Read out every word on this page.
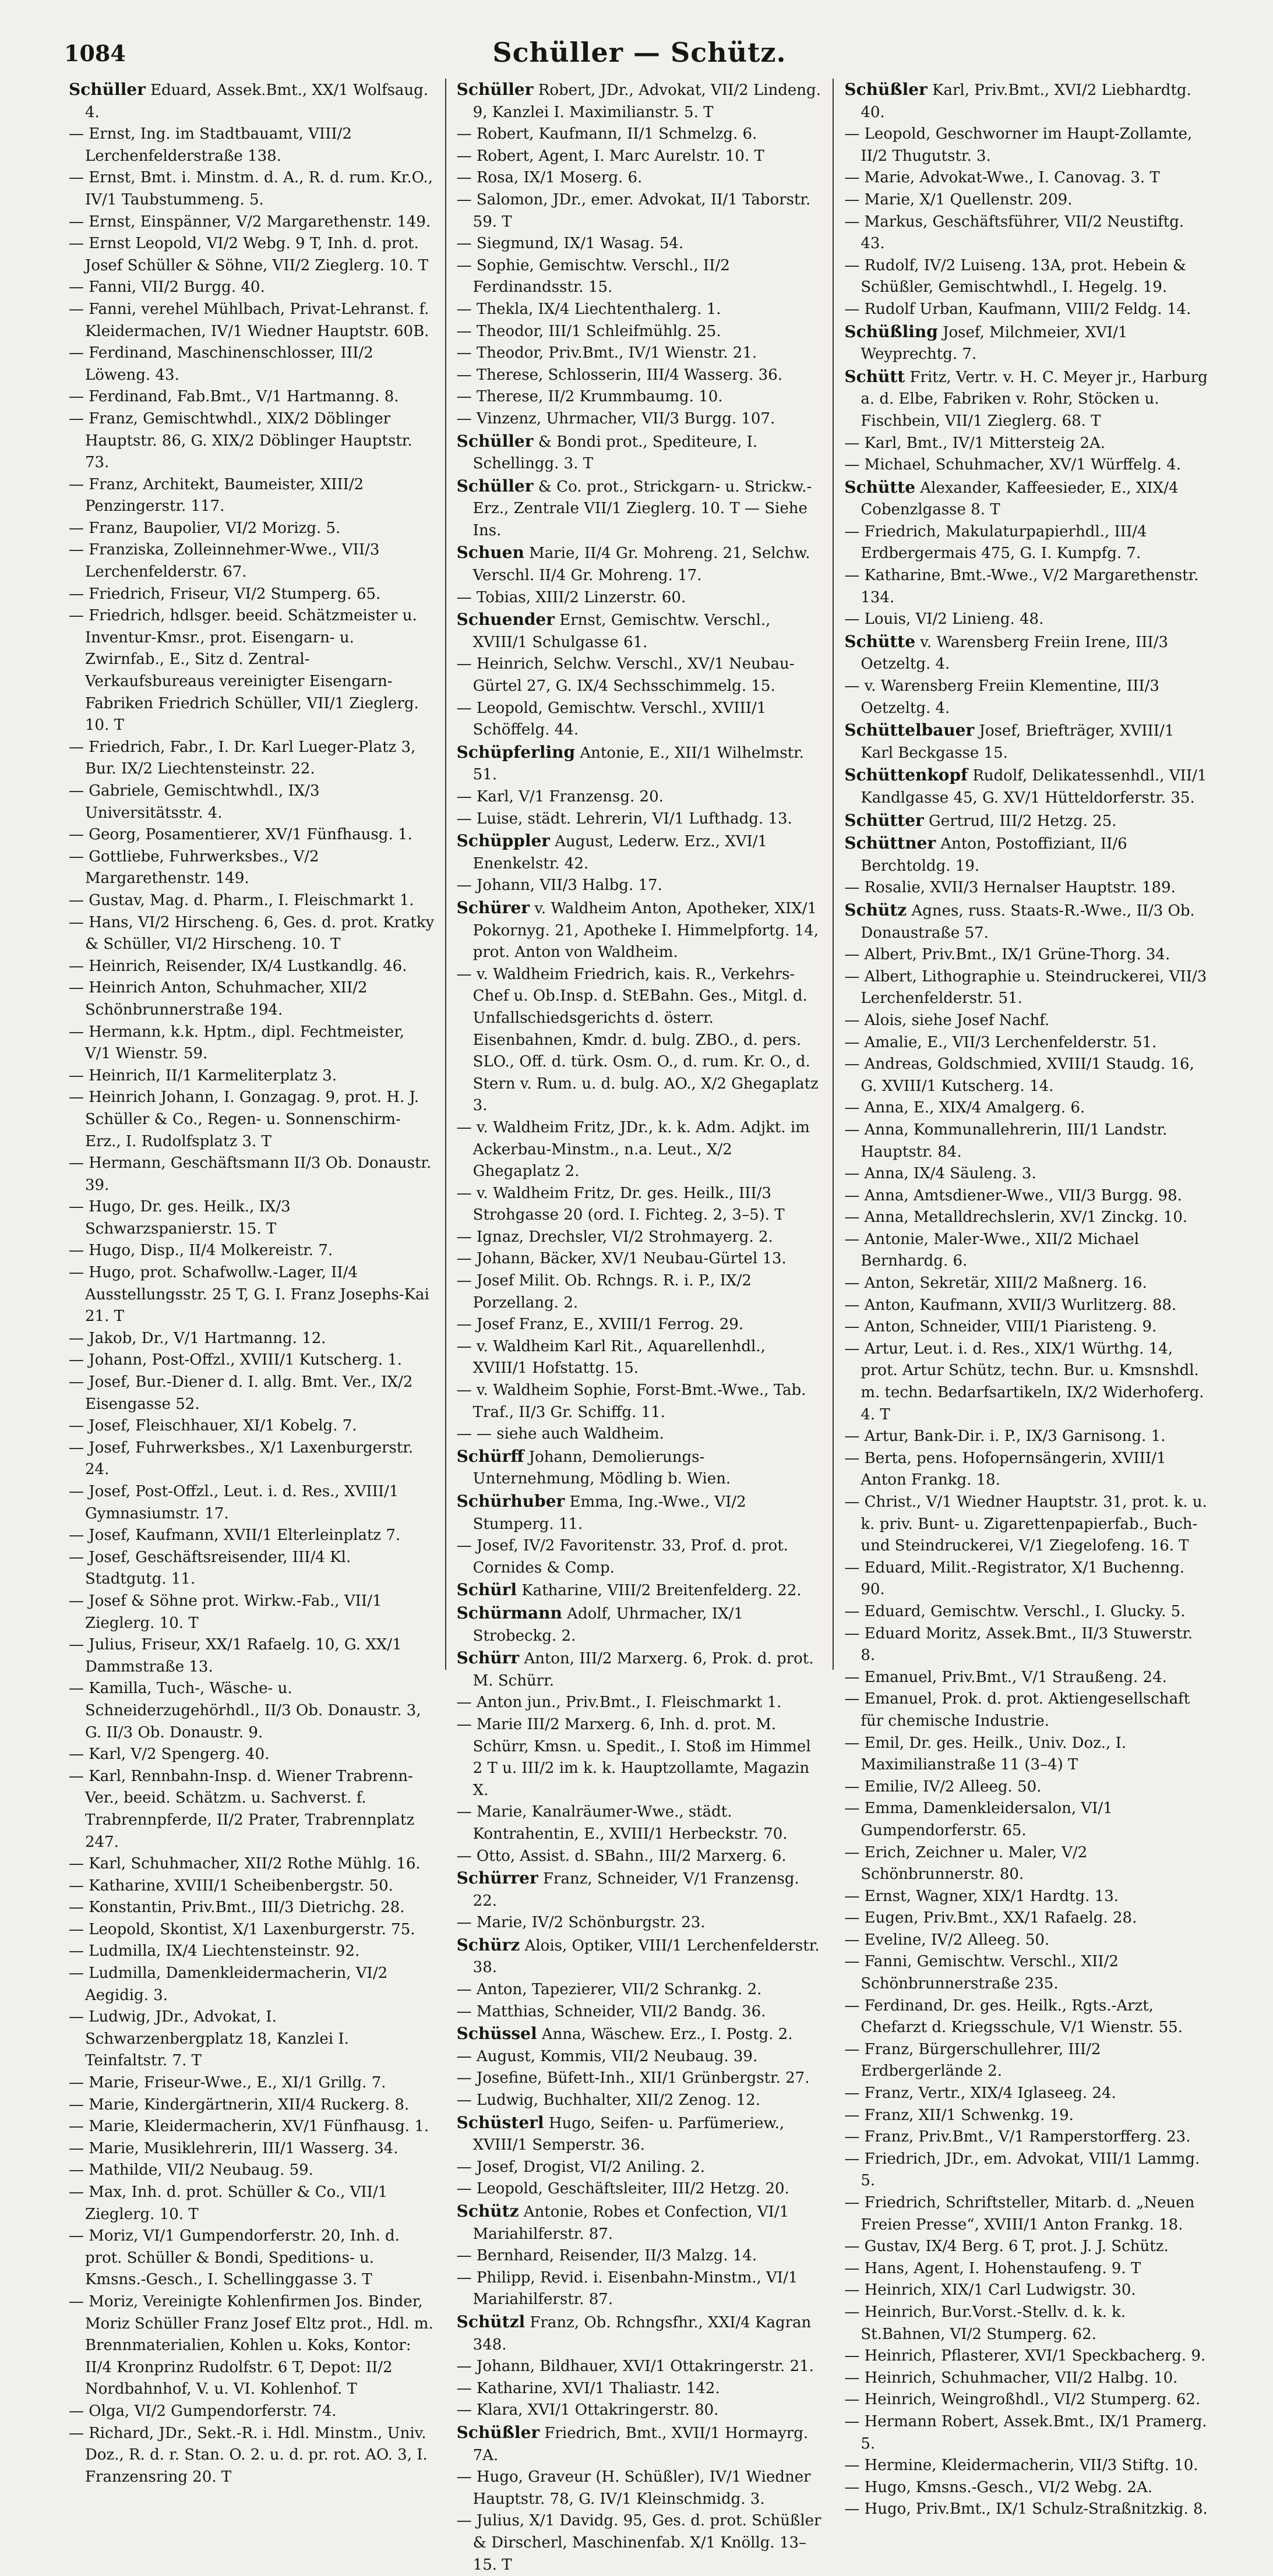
1084	Schüller — Schütz.
Schüller Eduard, Assek.Bmt., XX/1 Wolfsaug. 4.
— Ernst, Ing. im Stadtbauamt, VIII/2 Lerchenfelderstraße 138.
— Ernst, Bmt. i. Minstm. d. A., R. d. rum. Kr.O., IV/1 Taubstummeng. 5.
— Ernst, Einspänner, V/2 Margarethenstr. 149.
— Ernst Leopold, VI/2 Webg. 9 T, Inh. d. prot. Josef Schüller & Söhne, VII/2 Zieglerg. 10. T
— Fanni, VII/2 Burgg. 40.
— Fanni, verehel Mühlbach, Privat-Lehranst. f. Kleidermachen, IV/1 Wiedner Hauptstr. 60B.
— Ferdinand, Maschinenschlosser, III/2 Löweng. 43.
— Ferdinand, Fab.Bmt., V/1 Hartmanng. 8.
— Franz, Gemischtwhdl., XIX/2 Döblinger Hauptstr. 86, G. XIX/2 Döblinger Hauptstr. 73.
— Franz, Architekt, Baumeister, XIII/2 Penzingerstr. 117.
— Franz, Baupolier, VI/2 Morizg. 5.
— Franziska, Zolleinnehmer-Wwe., VII/3 Lerchenfelderstr. 67.
— Friedrich, Friseur, VI/2 Stumperg. 65.
— Friedrich, hdlsger. beeid. Schätzmeister u. Inventur-Kmsr., prot. Eisengarn- u. Zwirnfab., E., Sitz d. Zentral-Verkaufsbureaus vereinigter Eisengarn-Fabriken Friedrich Schüller, VII/1 Zieglerg. 10. T
— Friedrich, Fabr., I. Dr. Karl Lueger-Platz 3, Bur. IX/2 Liechtensteinstr. 22.
— Gabriele, Gemischtwhdl., IX/3 Universitätsstr. 4.
— Georg, Posamentierer, XV/1 Fünfhausg. 1.
— Gottliebe, Fuhrwerksbes., V/2 Margarethenstr. 149.
— Gustav, Mag. d. Pharm., I. Fleischmarkt 1.
— Hans, VI/2 Hirscheng. 6, Ges. d. prot. Kratky & Schüller, VI/2 Hirscheng. 10. T
— Heinrich, Reisender, IX/4 Lustkandlg. 46.
— Heinrich Anton, Schuhmacher, XII/2 Schönbrunnerstraße 194.
— Hermann, k.k. Hptm., dipl. Fechtmeister, V/1 Wienstr. 59.
— Heinrich, II/1 Karmeliterplatz 3.
— Heinrich Johann, I. Gonzagag. 9, prot. H. J. Schüller & Co., Regen- u. Sonnenschirm-Erz., I. Rudolfsplatz 3. T
— Hermann, Geschäftsmann II/3 Ob. Donaustr. 39.
— Hugo, Dr. ges. Heilk., IX/3 Schwarzspanierstr. 15. T
— Hugo, Disp., II/4 Molkereistr. 7.
— Hugo, prot. Schafwollw.-Lager, II/4 Ausstellungsstr. 25 T, G. I. Franz Josephs-Kai 21. T
— Jakob, Dr., V/1 Hartmanng. 12.
— Johann, Post-Offzl., XVIII/1 Kutscherg. 1.
— Josef, Bur.-Diener d. I. allg. Bmt. Ver., IX/2 Eisengasse 52.
— Josef, Fleischhauer, XI/1 Kobelg. 7.
— Josef, Fuhrwerksbes., X/1 Laxenburgerstr. 24.
— Josef, Post-Offzl., Leut. i. d. Res., XVIII/1 Gymnasiumstr. 17.
— Josef, Kaufmann, XVII/1 Elterleinplatz 7.
— Josef, Geschäftsreisender, III/4 Kl. Stadtgutg. 11.
— Josef & Söhne prot. Wirkw.-Fab., VII/1 Zieglerg. 10. T
— Julius, Friseur, XX/1 Rafaelg. 10, G. XX/1 Dammstraße 13.
— Kamilla, Tuch-, Wäsche- u. Schneiderzugehörhdl., II/3 Ob. Donaustr. 3, G. II/3 Ob. Donaustr. 9.
— Karl, V/2 Spengerg. 40.
— Karl, Rennbahn-Insp. d. Wiener Trabrenn-Ver., beeid. Schätzm. u. Sachverst. f. Trabrennpferde, II/2 Prater, Trabrennplatz 247.
— Karl, Schuhmacher, XII/2 Rothe Mühlg. 16.
— Katharine, XVIII/1 Scheibenbergstr. 50.
— Konstantin, Priv.Bmt., III/3 Dietrichg. 28.
— Leopold, Skontist, X/1 Laxenburgerstr. 75.
— Ludmilla, IX/4 Liechtensteinstr. 92.
— Ludmilla, Damenkleidermacherin, VI/2 Aegidig. 3.
— Ludwig, JDr., Advokat, I. Schwarzenbergplatz 18, Kanzlei I. Teinfaltstr. 7. T
— Marie, Friseur-Wwe., E., XI/1 Grillg. 7.
— Marie, Kindergärtnerin, XII/4 Ruckerg. 8.
— Marie, Kleidermacherin, XV/1 Fünfhausg. 1.
— Marie, Musiklehrerin, III/1 Wasserg. 34.
— Mathilde, VII/2 Neubaug. 59.
— Max, Inh. d. prot. Schüller & Co., VII/1 Zieglerg. 10. T
— Moriz, VI/1 Gumpendorferstr. 20, Inh. d. prot. Schüller & Bondi, Speditions- u. Kmsns.-Gesch., I. Schellinggasse 3. T
— Moriz, Vereinigte Kohlenfirmen Jos. Binder, Moriz Schüller Franz Josef Eltz prot., Hdl. m. Brennmaterialien, Kohlen u. Koks, Kontor: II/4 Kronprinz Rudolfstr. 6 T, Depot: II/2 Nordbahnhof, V. u. VI. Kohlenhof. T
— Olga, VI/2 Gumpendorferstr. 74.
— Richard, JDr., Sekt.-R. i. Hdl. Minstm., Univ. Doz., R. d. r. Stan. O. 2. u. d. pr. rot. AO. 3, I. Franzensring 20. T
Schüller Robert, JDr., Advokat, VII/2 Lindeng. 9, Kanzlei I. Maximilianstr. 5. T
— Robert, Kaufmann, II/1 Schmelzg. 6.
— Robert, Agent, I. Marc Aurelstr. 10. T
— Rosa, IX/1 Moserg. 6.
— Salomon, JDr., emer. Advokat, II/1 Taborstr. 59. T
— Siegmund, IX/1 Wasag. 54.
— Sophie, Gemischtw. Verschl., II/2 Ferdinandsstr. 15.
— Thekla, IX/4 Liechtenthalerg. 1.
— Theodor, III/1 Schleifmühlg. 25.
— Theodor, Priv.Bmt., IV/1 Wienstr. 21.
— Therese, Schlosserin, III/4 Wasserg. 36.
— Therese, II/2 Krummbaumg. 10.
— Vinzenz, Uhrmacher, VII/3 Burgg. 107.
Schüller & Bondi prot., Spediteure, I. Schellingg. 3. T
Schüller & Co. prot., Strickgarn- u. Strickw.-Erz., Zentrale VII/1 Zieglerg. 10. T — Siehe Ins.
Schuen Marie, II/4 Gr. Mohreng. 21, Selchw. Verschl. II/4 Gr. Mohreng. 17.
— Tobias, XIII/2 Linzerstr. 60.
Schuender Ernst, Gemischtw. Verschl., XVIII/1 Schulgasse 61.
— Heinrich, Selchw. Verschl., XV/1 Neubau-Gürtel 27, G. IX/4 Sechsschimmelg. 15.
— Leopold, Gemischtw. Verschl., XVIII/1 Schöffelg. 44.
Schüpferling Antonie, E., XII/1 Wilhelmstr. 51.
— Karl, V/1 Franzensg. 20.
— Luise, städt. Lehrerin, VI/1 Lufthadg. 13.
Schüppler August, Lederw. Erz., XVI/1 Enenkelstr. 42.
— Johann, VII/3 Halbg. 17.
Schürer v. Waldheim Anton, Apotheker, XIX/1 Pokornyg. 21, Apotheke I. Himmelpfortg. 14, prot. Anton von Waldheim.
— v. Waldheim Friedrich, kais. R., Verkehrs-Chef u. Ob.Insp. d. StEBahn. Ges., Mitgl. d. Unfallschiedsgerichts d. österr. Eisenbahnen, Kmdr. d. bulg. ZBO., d. pers. SLO., Off. d. türk. Osm. O., d. rum. Kr. O., d. Stern v. Rum. u. d. bulg. AO., X/2 Ghegaplatz 3.
— v. Waldheim Fritz, JDr., k. k. Adm. Adjkt. im Ackerbau-Minstm., n.a. Leut., X/2 Ghegaplatz 2.
— v. Waldheim Fritz, Dr. ges. Heilk., III/3 Strohgasse 20 (ord. I. Fichteg. 2, 3–5). T
— Ignaz, Drechsler, VI/2 Strohmayerg. 2.
— Johann, Bäcker, XV/1 Neubau-Gürtel 13.
— Josef Milit. Ob. Rchngs. R. i. P., IX/2 Porzellang. 2.
— Josef Franz, E., XVIII/1 Ferrog. 29.
— v. Waldheim Karl Rit., Aquarellenhdl., XVIII/1 Hofstattg. 15.
— v. Waldheim Sophie, Forst-Bmt.-Wwe., Tab. Traf., II/3 Gr. Schiffg. 11.
— — siehe auch Waldheim.
Schürff Johann, Demolierungs-Unternehmung, Mödling b. Wien.
Schürhuber Emma, Ing.-Wwe., VI/2 Stumperg. 11.
— Josef, IV/2 Favoritenstr. 33, Prof. d. prot. Cornides & Comp.
Schürl Katharine, VIII/2 Breitenfelderg. 22.
Schürmann Adolf, Uhrmacher, IX/1 Strobeckg. 2.
Schürr Anton, III/2 Marxerg. 6, Prok. d. prot. M. Schürr.
— Anton jun., Priv.Bmt., I. Fleischmarkt 1.
— Marie III/2 Marxerg. 6, Inh. d. prot. M. Schürr, Kmsn. u. Spedit., I. Stoß im Himmel 2 T u. III/2 im k. k. Hauptzollamte, Magazin X.
— Marie, Kanalräumer-Wwe., städt. Kontrahentin, E., XVIII/1 Herbeckstr. 70.
— Otto, Assist. d. SBahn., III/2 Marxerg. 6.
Schürrer Franz, Schneider, V/1 Franzensg. 22.
— Marie, IV/2 Schönburgstr. 23.
Schürz Alois, Optiker, VIII/1 Lerchenfelderstr. 38.
— Anton, Tapezierer, VII/2 Schrankg. 2.
— Matthias, Schneider, VII/2 Bandg. 36.
Schüssel Anna, Wäschew. Erz., I. Postg. 2.
— August, Kommis, VII/2 Neubaug. 39.
— Josefine, Büfett-Inh., XII/1 Grünbergstr. 27.
— Ludwig, Buchhalter, XII/2 Zenog. 12.
Schüsterl Hugo, Seifen- u. Parfümeriew., XVIII/1 Semperstr. 36.
— Josef, Drogist, VI/2 Aniling. 2.
— Leopold, Geschäftsleiter, III/2 Hetzg. 20.
Schütz Antonie, Robes et Confection, VI/1 Mariahilferstr. 87.
— Bernhard, Reisender, II/3 Malzg. 14.
— Philipp, Revid. i. Eisenbahn-Minstm., VI/1 Mariahilferstr. 87.
Schützl Franz, Ob. Rchngsfhr., XXI/4 Kagran 348.
— Johann, Bildhauer, XVI/1 Ottakringerstr. 21.
— Katharine, XVI/1 Thaliastr. 142.
— Klara, XVI/1 Ottakringerstr. 80.
Schüßler Friedrich, Bmt., XVII/1 Hormayrg. 7A.
— Hugo, Graveur (H. Schüßler), IV/1 Wiedner Hauptstr. 78, G. IV/1 Kleinschmidg. 3.
— Julius, X/1 Davidg. 95, Ges. d. prot. Schüßler & Dirscherl, Maschinenfab. X/1 Knöllg. 13–15. T
Schüßler Karl, Priv.Bmt., XVI/2 Liebhardtg. 40.
— Leopold, Geschworner im Haupt-Zollamte, II/2 Thugutstr. 3.
— Marie, Advokat-Wwe., I. Canovag. 3. T
— Marie, X/1 Quellenstr. 209.
— Markus, Geschäftsführer, VII/2 Neustiftg. 43.
— Rudolf, IV/2 Luiseng. 13A, prot. Hebein & Schüßler, Gemischtwhdl., I. Hegelg. 19.
— Rudolf Urban, Kaufmann, VIII/2 Feldg. 14.
Schüßling Josef, Milchmeier, XVI/1 Weyprechtg. 7.
Schütt Fritz, Vertr. v. H. C. Meyer jr., Harburg a. d. Elbe, Fabriken v. Rohr, Stöcken u. Fischbein, VII/1 Zieglerg. 68. T
— Karl, Bmt., IV/1 Mittersteig 2A.
— Michael, Schuhmacher, XV/1 Würffelg. 4.
Schütte Alexander, Kaffeesieder, E., XIX/4 Cobenzlgasse 8. T
— Friedrich, Makulaturpapierhdl., III/4 Erdbergermais 475, G. I. Kumpfg. 7.
— Katharine, Bmt.-Wwe., V/2 Margarethenstr. 134.
— Louis, VI/2 Linieng. 48.
Schütte v. Warensberg Freiin Irene, III/3 Oetzeltg. 4.
— v. Warensberg Freiin Klementine, III/3 Oetzeltg. 4.
Schüttelbauer Josef, Briefträger, XVIII/1 Karl Beckgasse 15.
Schüttenkopf Rudolf, Delikatessenhdl., VII/1 Kandlgasse 45, G. XV/1 Hütteldorferstr. 35.
Schütter Gertrud, III/2 Hetzg. 25.
Schüttner Anton, Postoffiziant, II/6 Berchtoldg. 19.
— Rosalie, XVII/3 Hernalser Hauptstr. 189.
Schütz Agnes, russ. Staats-R.-Wwe., II/3 Ob. Donaustraße 57.
— Albert, Priv.Bmt., IX/1 Grüne-Thorg. 34.
— Albert, Lithographie u. Steindruckerei, VII/3 Lerchenfelderstr. 51.
— Alois, siehe Josef Nachf.
— Amalie, E., VII/3 Lerchenfelderstr. 51.
— Andreas, Goldschmied, XVIII/1 Staudg. 16, G. XVIII/1 Kutscherg. 14.
— Anna, E., XIX/4 Amalgerg. 6.
— Anna, Kommunallehrerin, III/1 Landstr. Hauptstr. 84.
— Anna, IX/4 Säuleng. 3.
— Anna, Amtsdiener-Wwe., VII/3 Burgg. 98.
— Anna, Metalldrechslerin, XV/1 Zinckg. 10.
— Antonie, Maler-Wwe., XII/2 Michael Bernhardg. 6.
— Anton, Sekretär, XIII/2 Maßnerg. 16.
— Anton, Kaufmann, XVII/3 Wurlitzerg. 88.
— Anton, Schneider, VIII/1 Piaristeng. 9.
— Artur, Leut. i. d. Res., XIX/1 Würthg. 14, prot. Artur Schütz, techn. Bur. u. Kmsnshdl. m. techn. Bedarfsartikeln, IX/2 Widerhoferg. 4. T
— Artur, Bank-Dir. i. P., IX/3 Garnisong. 1.
— Berta, pens. Hofopernsängerin, XVIII/1 Anton Frankg. 18.
— Christ., V/1 Wiedner Hauptstr. 31, prot. k. u. k. priv. Bunt- u. Zigarettenpapierfab., Buch- und Steindruckerei, V/1 Ziegelofeng. 16. T
— Eduard, Milit.-Registrator, X/1 Buchenng. 90.
— Eduard, Gemischtw. Verschl., I. Glucky. 5.
— Eduard Moritz, Assek.Bmt., II/3 Stuwerstr. 8.
— Emanuel, Priv.Bmt., V/1 Straußeng. 24.
— Emanuel, Prok. d. prot. Aktiengesellschaft für chemische Industrie.
— Emil, Dr. ges. Heilk., Univ. Doz., I. Maximilianstraße 11 (3–4) T
— Emilie, IV/2 Alleeg. 50.
— Emma, Damenkleidersalon, VI/1 Gumpendorferstr. 65.
— Erich, Zeichner u. Maler, V/2 Schönbrunnerstr. 80.
— Ernst, Wagner, XIX/1 Hardtg. 13.
— Eugen, Priv.Bmt., XX/1 Rafaelg. 28.
— Eveline, IV/2 Alleeg. 50.
— Fanni, Gemischtw. Verschl., XII/2 Schönbrunnerstraße 235.
— Ferdinand, Dr. ges. Heilk., Rgts.-Arzt, Chefarzt d. Kriegsschule, V/1 Wienstr. 55.
— Franz, Bürgerschullehrer, III/2 Erdbergerlände 2.
— Franz, Vertr., XIX/4 Iglaseeg. 24.
— Franz, XII/1 Schwenkg. 19.
— Franz, Priv.Bmt., V/1 Ramperstorfferg. 23.
— Friedrich, JDr., em. Advokat, VIII/1 Lammg. 5.
— Friedrich, Schriftsteller, Mitarb. d. „Neuen Freien Presse“, XVIII/1 Anton Frankg. 18.
— Gustav, IX/4 Berg. 6 T, prot. J. J. Schütz.
— Hans, Agent, I. Hohenstaufeng. 9. T
— Heinrich, XIX/1 Carl Ludwigstr. 30.
— Heinrich, Bur.Vorst.-Stellv. d. k. k. St.Bahnen, VI/2 Stumperg. 62.
— Heinrich, Pflasterer, XVI/1 Speckbacherg. 9.
— Heinrich, Schuhmacher, VII/2 Halbg. 10.
— Heinrich, Weingroßhdl., VI/2 Stumperg. 62.
— Hermann Robert, Assek.Bmt., IX/1 Pramerg. 5.
— Hermine, Kleidermacherin, VII/3 Stiftg. 10.
— Hugo, Kmsns.-Gesch., VI/2 Webg. 2A.
— Hugo, Priv.Bmt., IX/1 Schulz-Straßnitzkig. 8.
